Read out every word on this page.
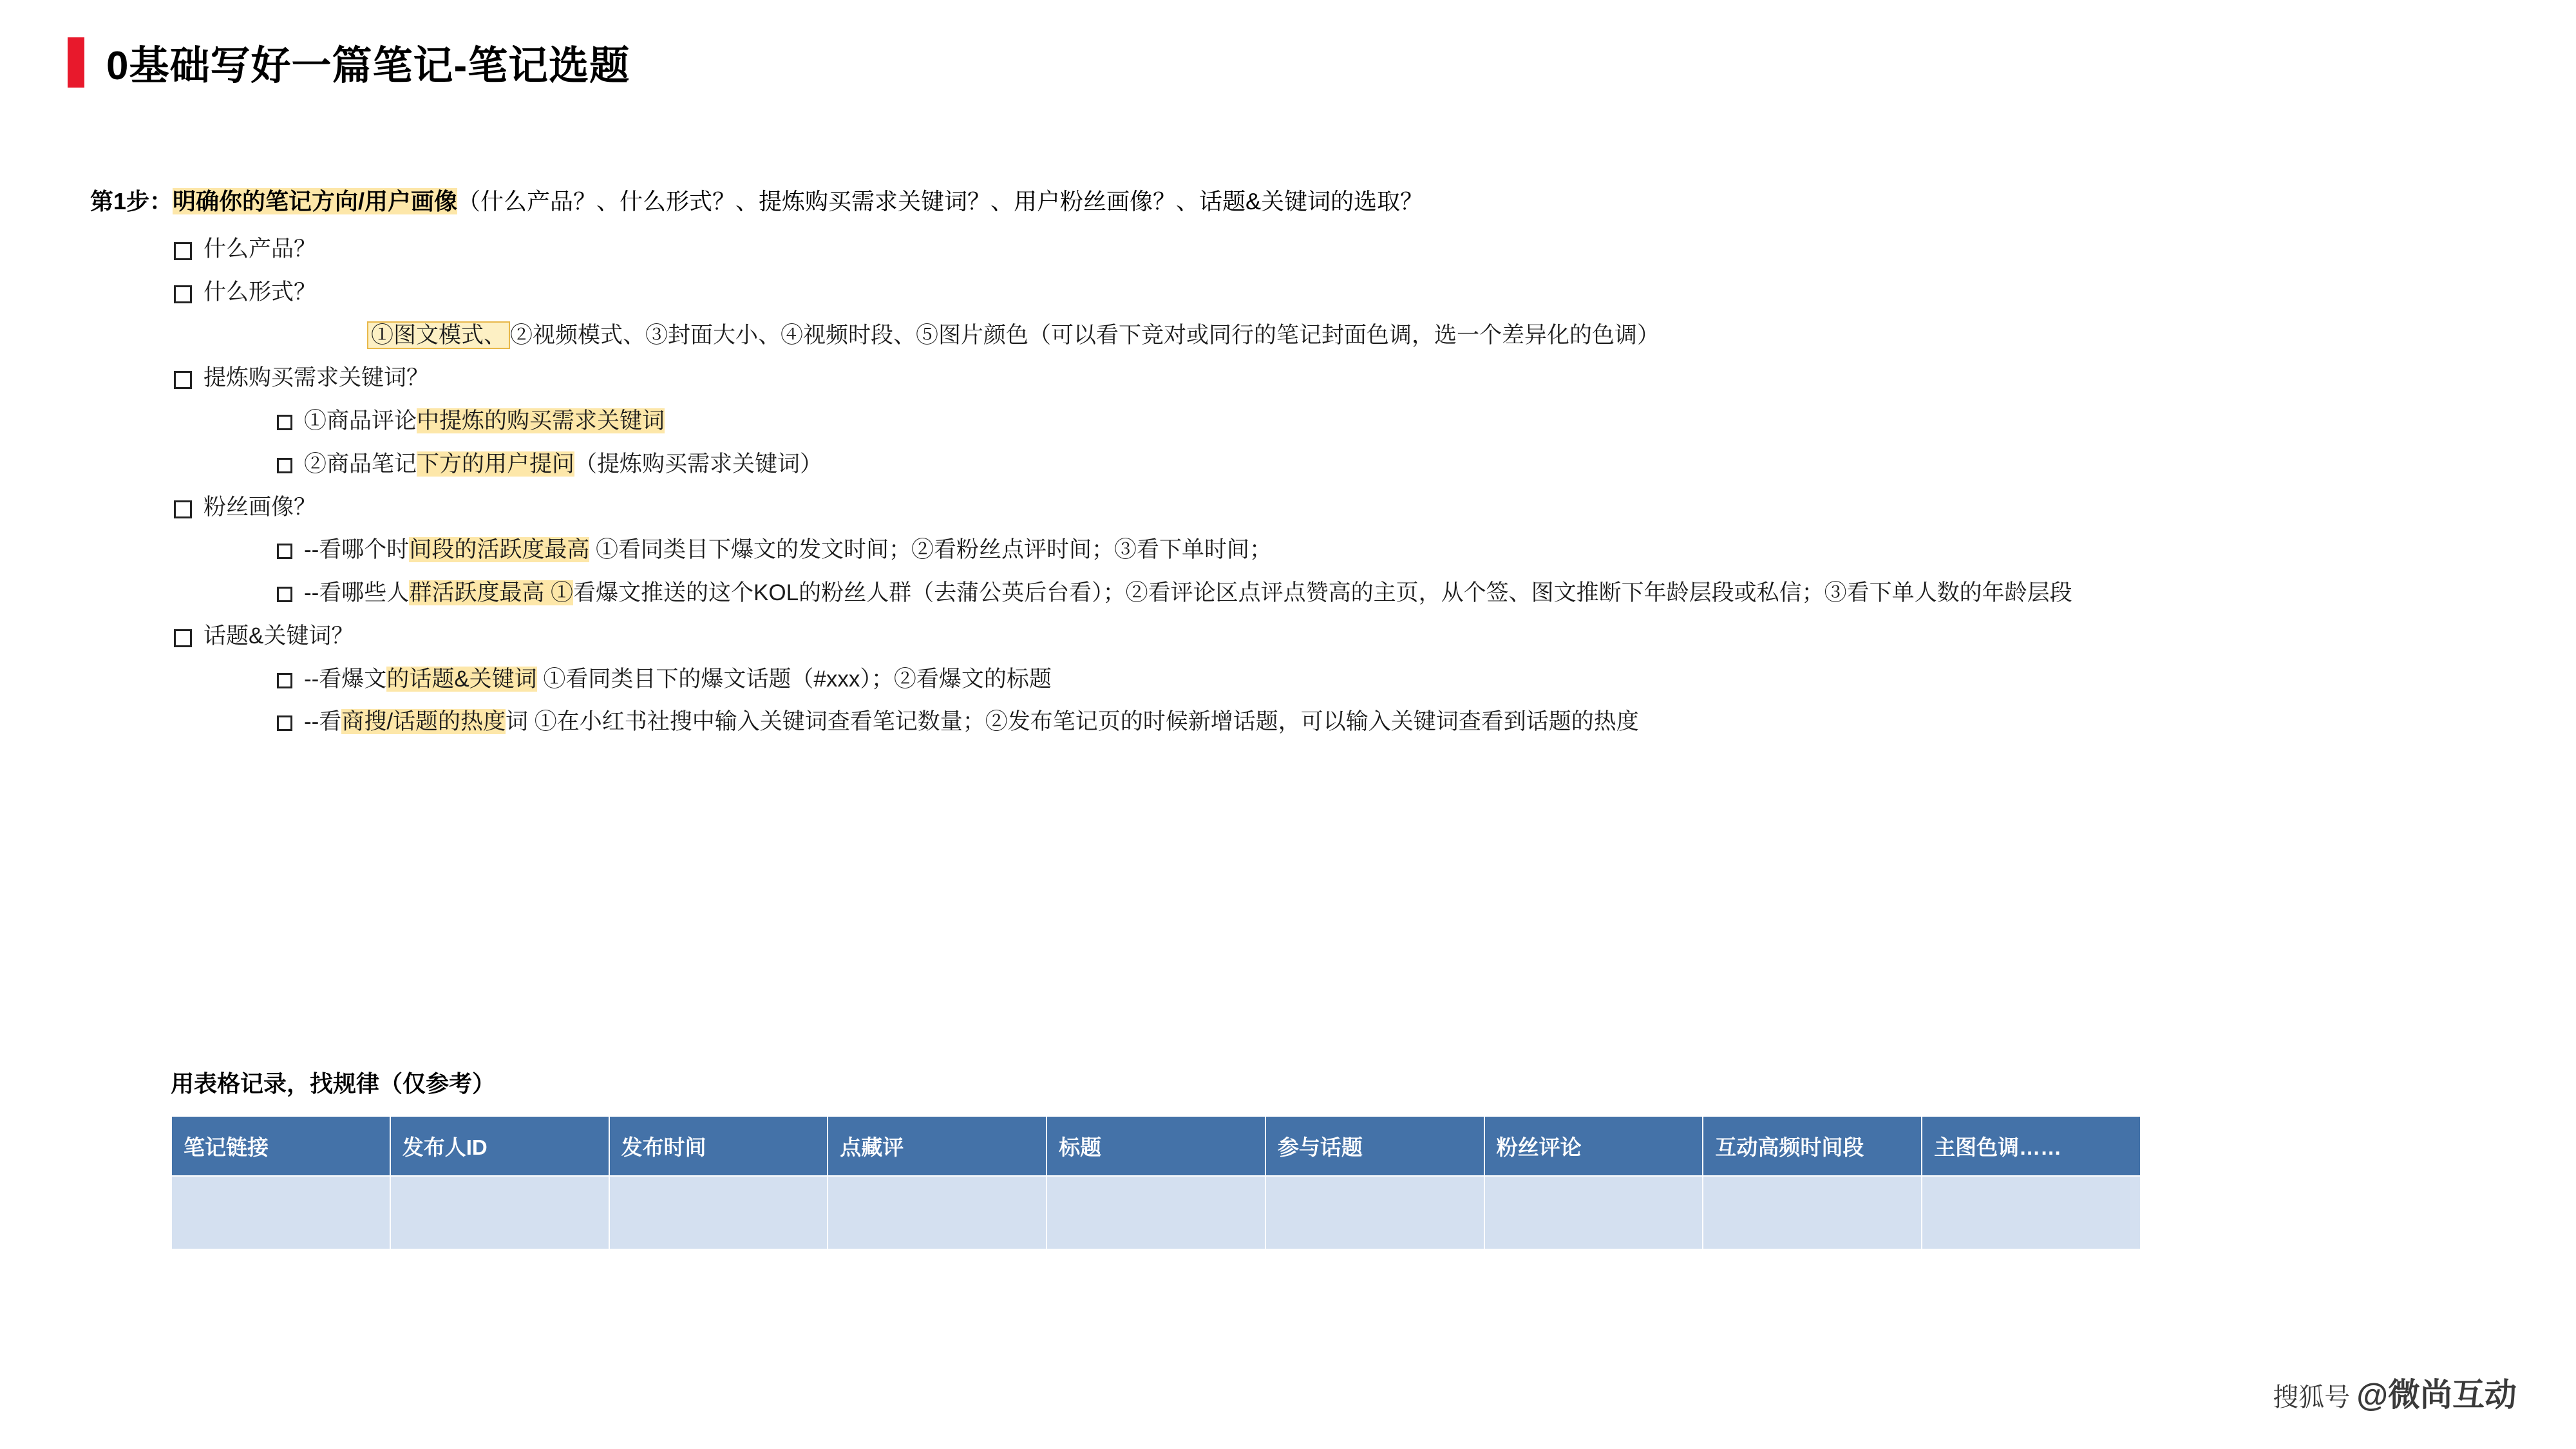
0基础写好一篇笔记-笔记选题
第1步：明确你的笔记方向/用户画像（什么产品？、什么形式？、提炼购买需求关键词？、用户粉丝画像？、话题&关键词的选取？
什么产品？
什么形式？
①图文模式、 ②视频模式、③封面大小、④视频时段、⑤图片颜色（可以看下竞对或同行的笔记封面色调，选一个差异化的色调）
提炼购买需求关键词？
①商品评论中提炼的购买需求关键词
②商品笔记下方的用户提问（提炼购买需求关键词）
粉丝画像？
--看哪个时间段的活跃度最高 ①看同类目下爆文的发文时间；②看粉丝点评时间；③看下单时间；
--看哪些人群活跃度最高 ①看爆文推送的这个KOL的粉丝人群（去蒲公英后台看）；②看评论区点评点赞高的主页，从个签、图文推断下年龄层段或私信；③看下单人数的年龄层段
话题&关键词？
--看爆文的话题&关键词 ①看同类目下的爆文话题（#xxx）；②看爆文的标题
--看商搜/话题的热度词 ①在小红书社搜中输入关键词查看笔记数量；②发布笔记页的时候新增话题，可以输入关键词查看到话题的热度
用表格记录，找规律（仅参考）
笔记链接	发布人ID	发布时间	点藏评	标题	参与话题	粉丝评论	互动高频时间段	主图色调……

搜狐号 @微尚互动
